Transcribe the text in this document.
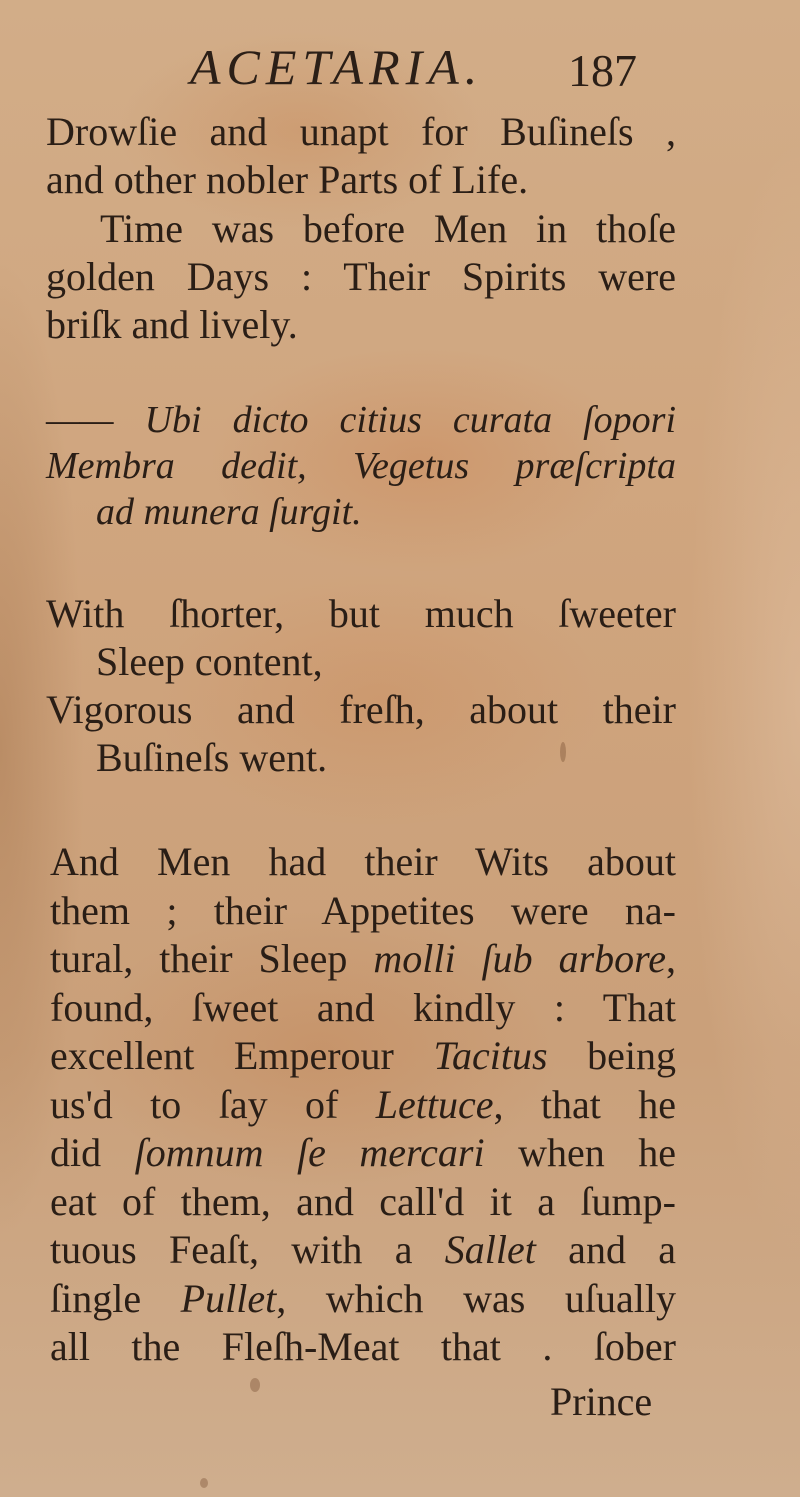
ACETARIA. 187
Drowſie and unapt for Buſineſs ,
and other nobler Parts of Life.
Time was before Men in thoſe
golden Days : Their Spirits were
briſk and lively.
—— Ubi dicto citius curata ſopori
Membra dedit, Vegetus præſcripta
ad munera ſurgit.
With ſhorter, but much ſweeter
Sleep content,
Vigorous and freſh, about their
Buſineſs went.
And Men had their Wits about
them ; their Appetites were na-
tural, their Sleep molli ſub arbore,
found, ſweet and kindly : That
excellent Emperour Tacitus being
us'd to ſay of Lettuce, that he
did ſomnum ſe mercari when he
eat of them, and call'd it a ſump-
tuous Feaſt, with a Sallet and a
ſingle Pullet, which was uſually
all the Fleſh-Meat that . ſober
Prince
